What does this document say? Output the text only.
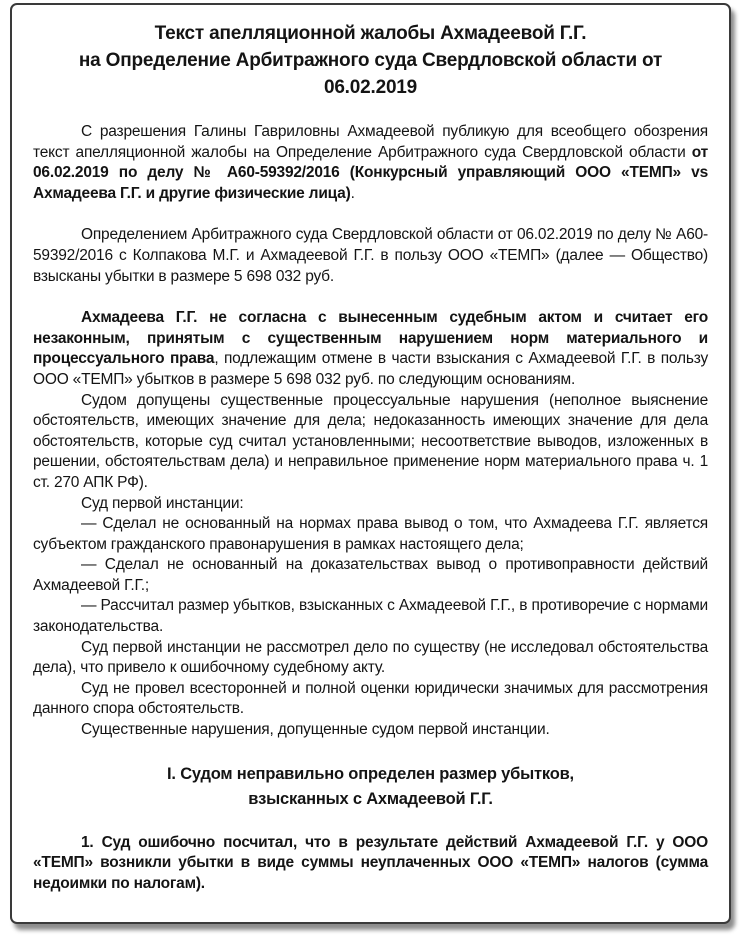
Текст апелляционной жалобы Ахмадеевой Г.Г.
на Определение Арбитражного суда Свердловской области от 06.02.2019

С разрешения Галины Гавриловны Ахмадеевой публикую для всеобщего обозрения текст апелляционной жалобы на Определение Арбитражного суда Свердловской области от 06.02.2019 по делу № А60-59392/2016 (Конкурсный управляющий ООО «ТЕМП» vs Ахмадеева Г.Г. и другие физические лица).

Определением Арбитражного суда Свердловской области от 06.02.2019 по делу № А60-59392/2016 с Колпакова М.Г. и Ахмадеевой Г.Г. в пользу ООО «ТЕМП» (далее — Общество) взысканы убытки в размере 5 698 032 руб.

Ахмадеева Г.Г. не согласна с вынесенным судебным актом и считает его незаконным, принятым с существенным нарушением норм материального и процессуального права, подлежащим отмене в части взыскания с Ахмадеевой Г.Г. в пользу ООО «ТЕМП» убытков в размере 5 698 032 руб. по следующим основаниям.

Судом допущены существенные процессуальные нарушения (неполное выяснение обстоятельств, имеющих значение для дела; недоказанность имеющих значение для дела обстоятельств, которые суд считал установленными; несоответствие выводов, изложенных в решении, обстоятельствам дела) и неправильное применение норм материального права ч. 1 ст. 270 АПК РФ).

Суд первой инстанции:

— Сделал не основанный на нормах права вывод о том, что Ахмадеева Г.Г. является субъектом гражданского правонарушения в рамках настоящего дела;

— Сделал не основанный на доказательствах вывод о противоправности действий Ахмадеевой Г.Г.;

— Рассчитал размер убытков, взысканных с Ахмадеевой Г.Г., в противоречие с нормами законодательства.

Суд первой инстанции не рассмотрел дело по существу (не исследовал обстоятельства дела), что привело к ошибочному судебному акту.

Суд не провел всесторонней и полной оценки юридически значимых для рассмотрения данного спора обстоятельств.

Существенные нарушения, допущенные судом первой инстанции.

I. Судом неправильно определен размер убытков,
взысканных с Ахмадеевой Г.Г.

1. Суд ошибочно посчитал, что в результате действий Ахмадеевой Г.Г. у ООО «ТЕМП» возникли убытки в виде суммы неуплаченных ООО «ТЕМП» налогов (сумма недоимки по налогам).
